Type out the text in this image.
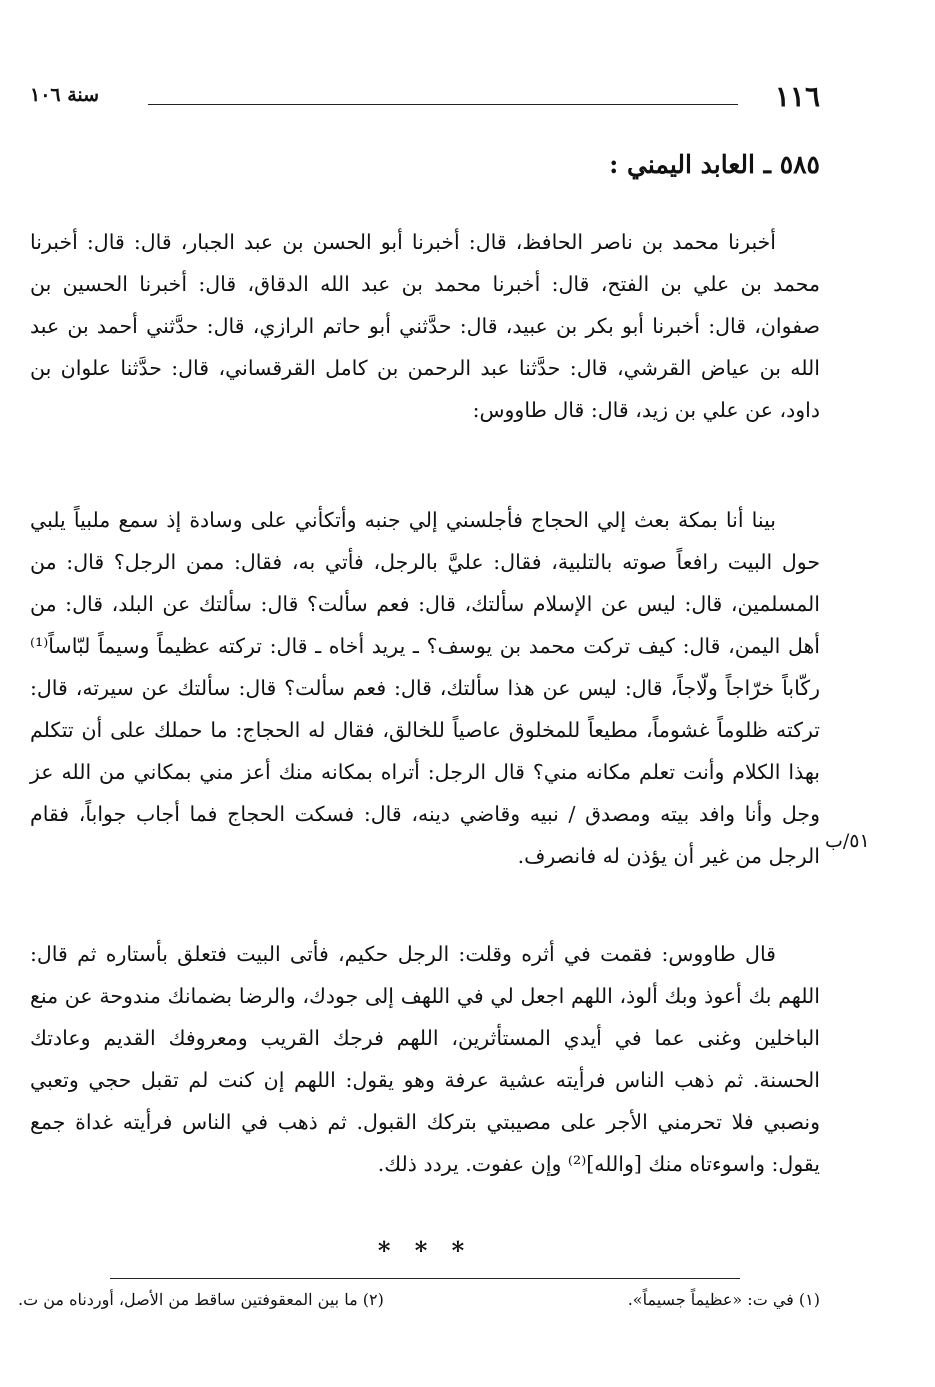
١١٦
سنة ١٠٦
٥٨٥ ـ العابد اليمني :

أخبرنا محمد بن ناصر الحافظ، قال: أخبرنا أبو الحسن بن عبد الجبار، قال: قال: أخبرنا محمد بن علي بن الفتح، قال: أخبرنا محمد بن عبد الله الدقاق، قال: أخبرنا الحسين بن صفوان، قال: أخبرنا أبو بكر بن عبيد، قال: حدَّثني أبو حاتم الرازي، قال: حدَّثني أحمد بن عبد الله بن عياض القرشي، قال: حدَّثنا عبد الرحمن بن كامل القرقساني، قال: حدَّثنا علوان بن داود، عن علي بن زيد، قال: قال طاووس:

بينا أنا بمكة بعث إلي الحجاج فأجلسني إلي جنبه وأتكأني على وسادة إذ سمع ملبياً يلبي حول البيت رافعاً صوته بالتلبية، فقال: عليَّ بالرجل، فأتي به، فقال: ممن الرجل؟ قال: من المسلمين، قال: ليس عن الإسلام سألتك، قال: فعم سألت؟ قال: سألتك عن البلد، قال: من أهل اليمن، قال: كيف تركت محمد بن يوسف؟ ـ يريد أخاه ـ قال: تركته عظيماً وسيماً لبّاساً⁽¹⁾ ركّاباً خرّاجاً ولّاجاً، قال: ليس عن هذا سألتك، قال: فعم سألت؟ قال: سألتك عن سيرته، قال: تركته ظلوماً غشوماً، مطيعاً للمخلوق عاصياً للخالق، فقال له الحجاج: ما حملك على أن تتكلم بهذا الكلام وأنت تعلم مكانه مني؟ قال الرجل: أتراه بمكانه منك أعز مني بمكاني من الله عز وجل وأنا وافد بيته ومصدق / نبيه وقاضي دينه، قال: فسكت الحجاج فما أجاب جواباً، فقام الرجل من غير أن يؤذن له فانصرف.

قال طاووس: فقمت في أثره وقلت: الرجل حكيم، فأتى البيت فتعلق بأستاره ثم قال: اللهم بك أعوذ وبك ألوذ، اللهم اجعل لي في اللهف إلى جودك، والرضا بضمانك مندوحة عن منع الباخلين وغنى عما في أيدي المستأثرين، اللهم فرجك القريب ومعروفك القديم وعادتك الحسنة. ثم ذهب الناس فرأيته عشية عرفة وهو يقول: اللهم إن كنت لم تقبل حجي وتعبي ونصبي فلا تحرمني الأجر على مصيبتي بتركك القبول. ثم ذهب في الناس فرأيته غداة جمع يقول: واسوءتاه منك [والله]⁽²⁾ وإن عفوت. يردد ذلك.

* * *
(١) في ت: «عظيماً جسيماً».
(٢) ما بين المعقوفتين ساقط من الأصل، أوردناه من ت.
٥١/ب
